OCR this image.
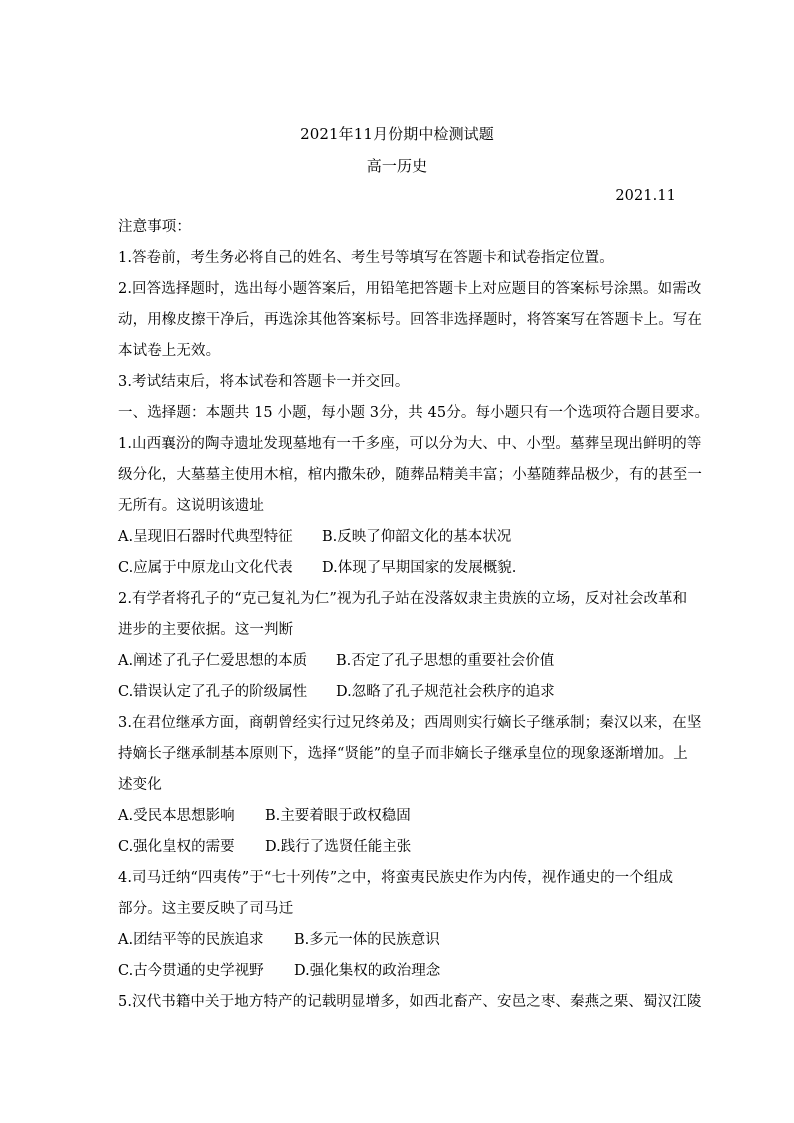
2021年11月份期中检测试题
高一历史
2021.11
注意事项：
1.答卷前，考生务必将自己的姓名、考生号等填写在答题卡和试卷指定位置。
2.回答选择题时，选出每小题答案后，用铅笔把答题卡上对应题目的答案标号涂黑。如需改
动，用橡皮擦干净后，再选涂其他答案标号。回答非选择题时，将答案写在答题卡上。写在
本试卷上无效。
3.考试结束后，将本试卷和答题卡一并交回。
一、选择题：本题共 15 小题，每小题 3分，共 45分。每小题只有一个选项符合题目要求。
1.山西襄汾的陶寺遗址发现墓地有一千多座，可以分为大、中、小型。墓葬呈现出鲜明的等
级分化，大墓墓主使用木棺，棺内撒朱砂，随葬品精美丰富；小墓随葬品极少，有的甚至一
无所有。这说明该遗址
A.呈现旧石器时代典型特征 B.反映了仰韶文化的基本状况
C.应属于中原龙山文化代表 D.体现了早期国家的发展概貌.
2.有学者将孔子的“克己复礼为仁”视为孔子站在没落奴隶主贵族的立场，反对社会改革和
进步的主要依据。这一判断
A.阐述了孔子仁爱思想的本质 B.否定了孔子思想的重要社会价值
C.错误认定了孔子的阶级属性 D.忽略了孔子规范社会秩序的追求
3.在君位继承方面，商朝曾经实行过兄终弟及；西周则实行嫡长子继承制；秦汉以来，在坚
持嫡长子继承制基本原则下，选择“贤能”的皇子而非嫡长子继承皇位的现象逐渐增加。上
述变化
A.受民本思想影响 B.主要着眼于政权稳固
C.强化皇权的需要 D.践行了选贤任能主张
4.司马迁纳“四夷传”于“七十列传”之中，将蛮夷民族史作为内传，视作通史的一个组成
部分。这主要反映了司马迁
A.团结平等的民族追求 B.多元一体的民族意识
C.古今贯通的史学视野 D.强化集权的政治理念
5.汉代书籍中关于地方特产的记载明显增多，如西北畜产、安邑之枣、秦燕之栗、蜀汉江陵
